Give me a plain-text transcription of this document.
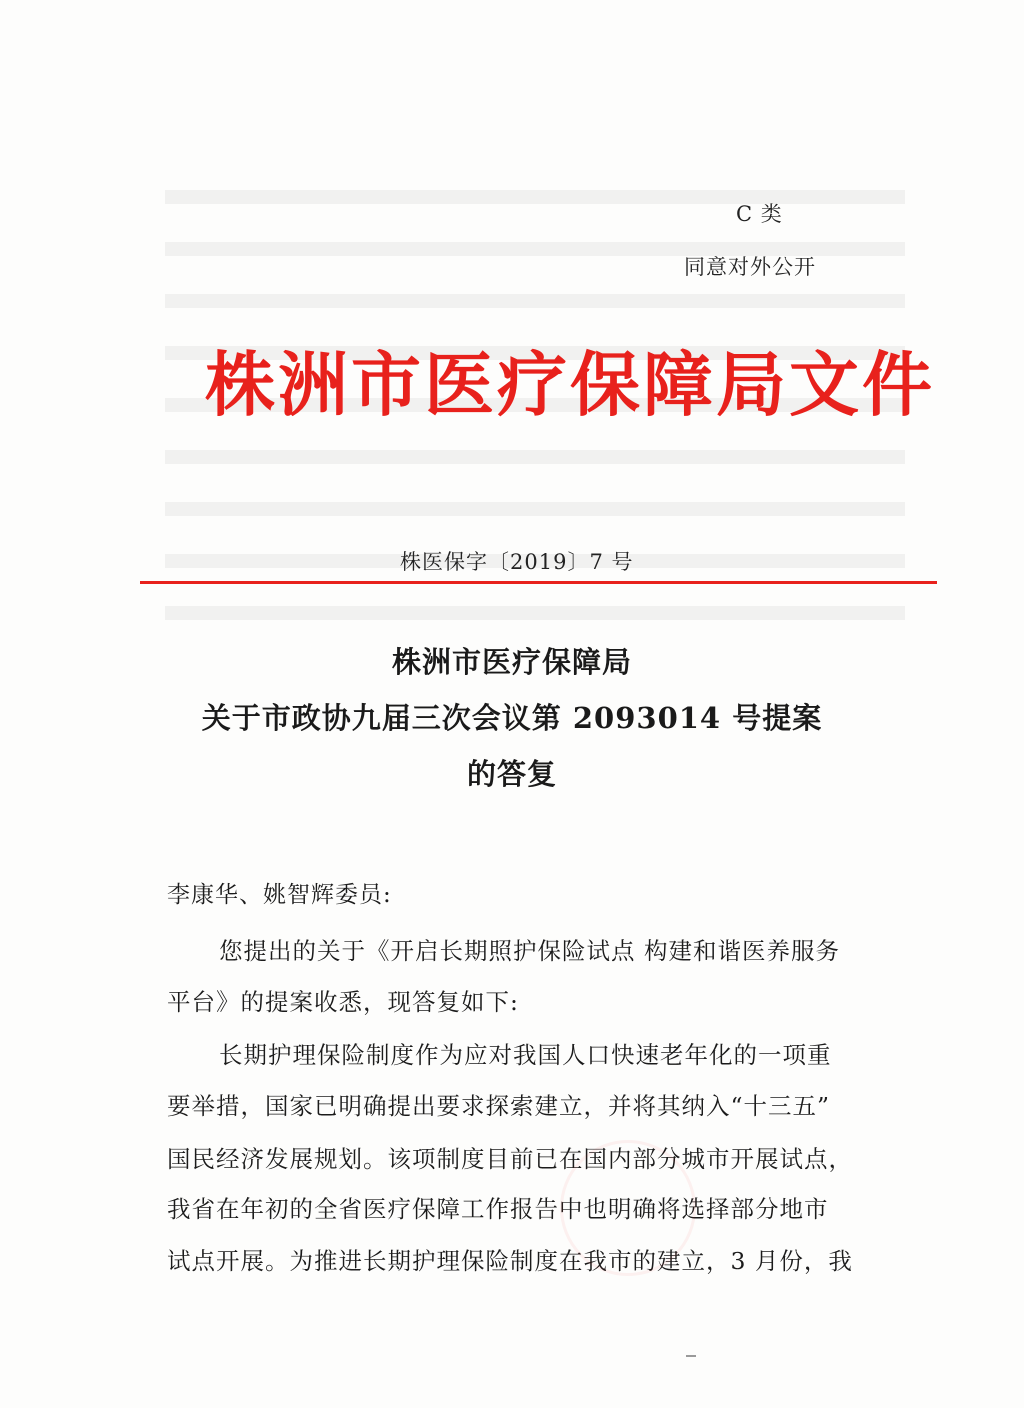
C 类
同意对外公开
株洲市医疗保障局文件
株医保字〔2019〕7 号
株洲市医疗保障局
关于市政协九届三次会议第 2093014 号提案
的答复
李康华、姚智辉委员:
您提出的关于《开启长期照护保险试点 构建和谐医养服务
平台》的提案收悉，现答复如下:
长期护理保险制度作为应对我国人口快速老年化的一项重
要举措，国家已明确提出要求探索建立，并将其纳入“十三五”
国民经济发展规划。该项制度目前已在国内部分城市开展试点，
我省在年初的全省医疗保障工作报告中也明确将选择部分地市
试点开展。为推进长期护理保险制度在我市的建立，3 月份，我
